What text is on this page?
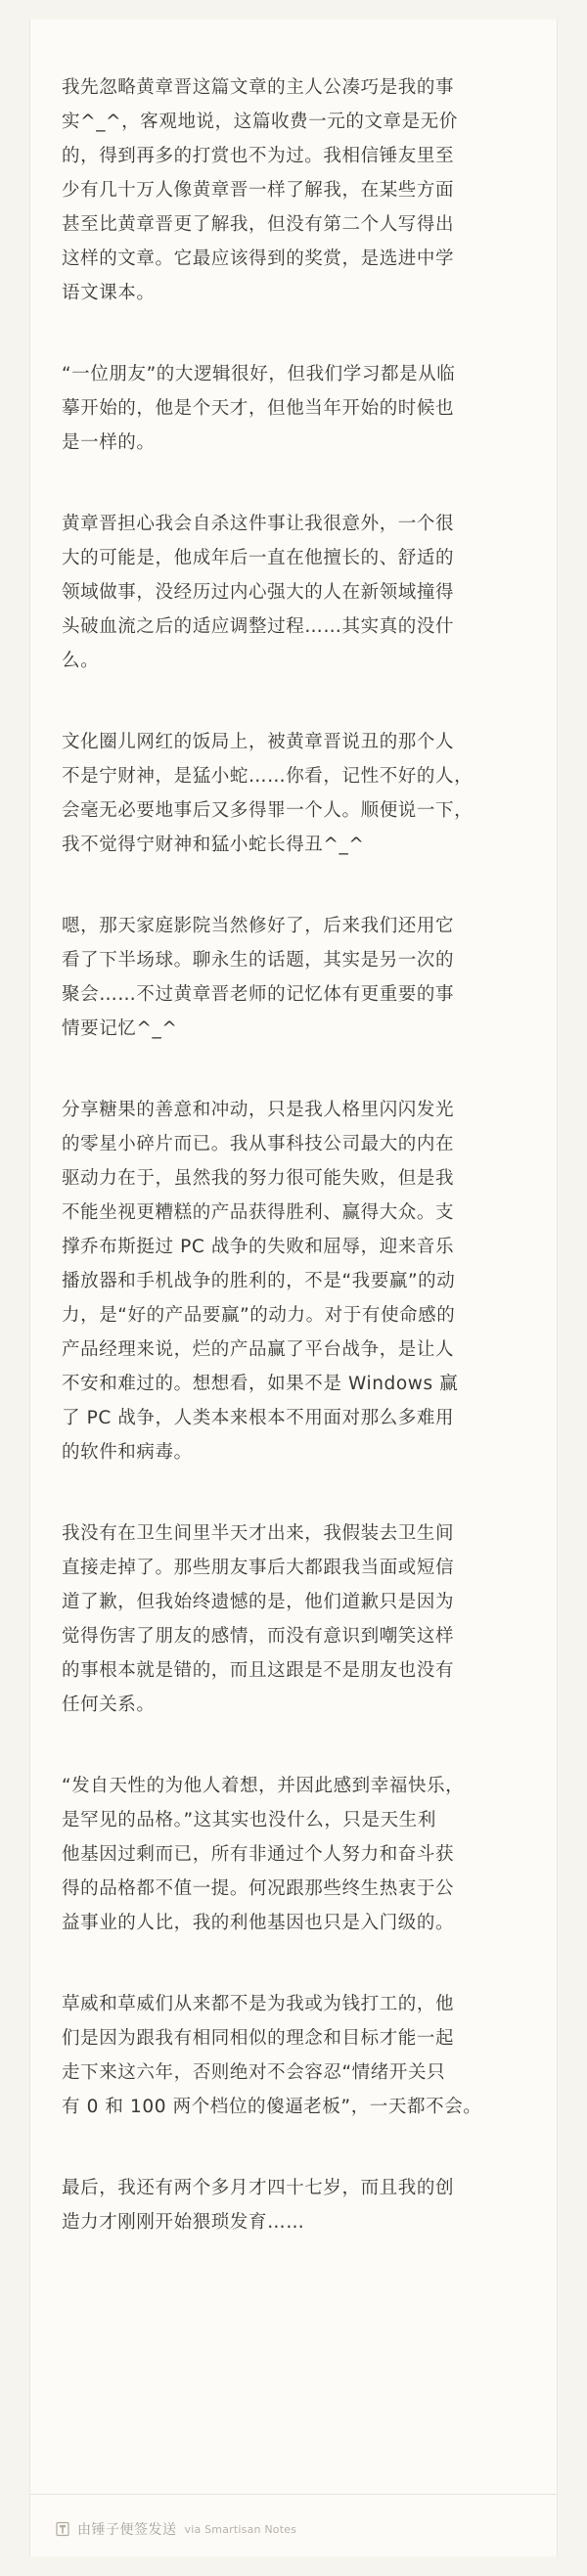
我先忽略黄章晋这篇文章的主人公凑巧是我的事
实^_^，客观地说，这篇收费一元的文章是无价
的，得到再多的打赏也不为过。我相信锤友里至
少有几十万人像黄章晋一样了解我，在某些方面
甚至比黄章晋更了解我，但没有第二个人写得出
这样的文章。它最应该得到的奖赏，是选进中学
语文课本。

“一位朋友”的大逻辑很好，但我们学习都是从临
摹开始的，他是个天才，但他当年开始的时候也
是一样的。

黄章晋担心我会自杀这件事让我很意外，一个很
大的可能是，他成年后一直在他擅长的、舒适的
领域做事，没经历过内心强大的人在新领域撞得
头破血流之后的适应调整过程……其实真的没什
么。

文化圈儿网红的饭局上，被黄章晋说丑的那个人
不是宁财神，是猛小蛇……你看，记性不好的人，
会毫无必要地事后又多得罪一个人。顺便说一下，
我不觉得宁财神和猛小蛇长得丑^_^

嗯，那天家庭影院当然修好了，后来我们还用它
看了下半场球。聊永生的话题，其实是另一次的
聚会……不过黄章晋老师的记忆体有更重要的事
情要记忆^_^

分享糖果的善意和冲动，只是我人格里闪闪发光
的零星小碎片而已。我从事科技公司最大的内在
驱动力在于，虽然我的努力很可能失败，但是我
不能坐视更糟糕的产品获得胜利、赢得大众。支
撑乔布斯挺过 PC 战争的失败和屈辱，迎来音乐
播放器和手机战争的胜利的，不是“我要赢”的动
力，是“好的产品要赢”的动力。对于有使命感的
产品经理来说，烂的产品赢了平台战争，是让人
不安和难过的。想想看，如果不是 Windows 赢
了 PC 战争，人类本来根本不用面对那么多难用
的软件和病毒。

我没有在卫生间里半天才出来，我假装去卫生间
直接走掉了。那些朋友事后大都跟我当面或短信
道了歉，但我始终遗憾的是，他们道歉只是因为
觉得伤害了朋友的感情，而没有意识到嘲笑这样
的事根本就是错的，而且这跟是不是朋友也没有
任何关系。

“发自天性的为他人着想，并因此感到幸福快乐，
是罕见的品格。”这其实也没什么，只是天生利
他基因过剩而已，所有非通过个人努力和奋斗获
得的品格都不值一提。何况跟那些终生热衷于公
益事业的人比，我的利他基因也只是入门级的。

草威和草威们从来都不是为我或为钱打工的，他
们是因为跟我有相同相似的理念和目标才能一起
走下来这六年，否则绝对不会容忍“情绪开关只
有 0 和 100 两个档位的傻逼老板”，一天都不会。

最后，我还有两个多月才四十七岁，而且我的创
造力才刚刚开始猥琐发育……

由锤子便签发送 via Smartisan Notes
